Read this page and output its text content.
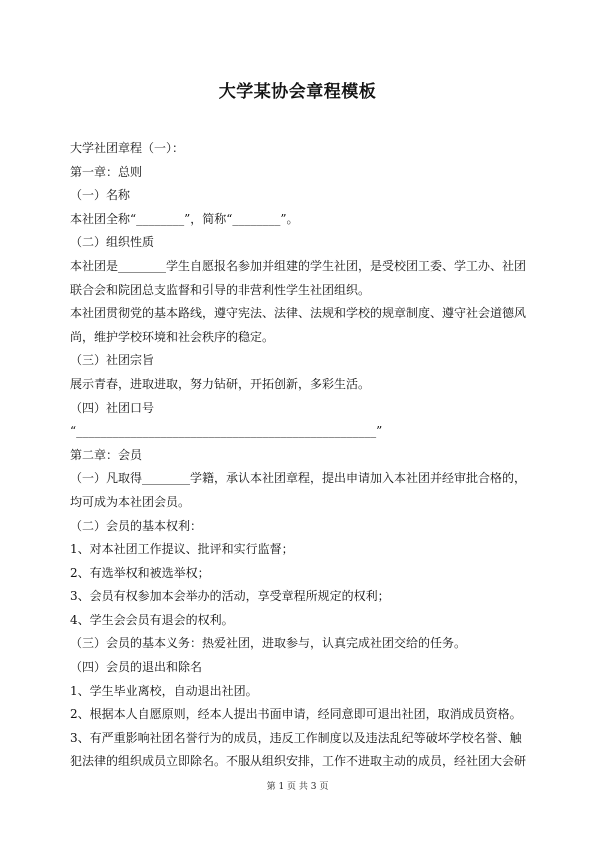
大学某协会章程模板

大学社团章程（一）：

第一章：总则

（一）名称

本社团全称“________”，简称“________”。

（二）组织性质

本社团是________学生自愿报名参加并组建的学生社团，是受校团工委、学工办、社团

联合会和院团总支监督和引导的非营利性学生社团组织。

本社团贯彻党的基本路线，遵守宪法、法律、法规和学校的规章制度、遵守社会道德风

尚，维护学校环境和社会秩序的稳定。

（三）社团宗旨

展示青春，进取进取，努力钻研，开拓创新，多彩生活。

（四）社团口号

“__________________________________________________”

第二章：会员

（一）凡取得________学籍，承认本社团章程，提出申请加入本社团并经审批合格的，

均可成为本社团会员。

（二）会员的基本权利：

1、对本社团工作提议、批评和实行监督；

2、有选举权和被选举权；

3、会员有权参加本会举办的活动，享受章程所规定的权利；

4、学生会会员有退会的权利。

（三）会员的基本义务：热爱社团，进取参与，认真完成社团交给的任务。

（四）会员的退出和除名

1、学生毕业离校，自动退出社团。

2、根据本人自愿原则，经本人提出书面申请，经同意即可退出社团，取消成员资格。

3、有严重影响社团名誉行为的成员，违反工作制度以及违法乱纪等破坏学校名誉、触

犯法律的组织成员立即除名。不服从组织安排，工作不进取主动的成员，经社团大会研

第 1 页 共 3 页
